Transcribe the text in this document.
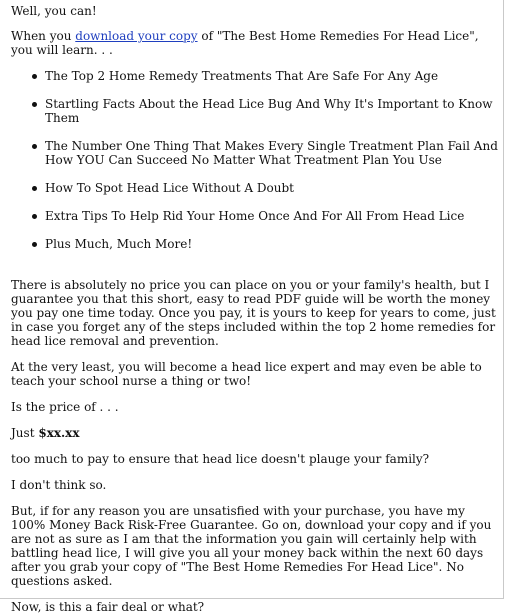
Well, you can!

When you download your copy of "The Best Home Remedies For Head Lice", you will learn. . .

The Top 2 Home Remedy Treatments That Are Safe For Any Age
Startling Facts About the Head Lice Bug And Why It's Important to Know Them
The Number One Thing That Makes Every Single Treatment Plan Fail And How YOU Can Succeed No Matter What Treatment Plan You Use
How To Spot Head Lice Without A Doubt
Extra Tips To Help Rid Your Home Once And For All From Head Lice
Plus Much, Much More!

There is absolutely no price you can place on you or your family's health, but I guarantee you that this short, easy to read PDF guide will be worth the money you pay one time today. Once you pay, it is yours to keep for years to come, just in case you forget any of the steps included within the top 2 home remedies for head lice removal and prevention.

At the very least, you will become a head lice expert and may even be able to teach your school nurse a thing or two!

Is the price of . . .

Just $xx.xx

too much to pay to ensure that head lice doesn't plauge your family?

I don't think so.

But, if for any reason you are unsatisfied with your purchase, you have my 100% Money Back Risk-Free Guarantee. Go on, download your copy and if you are not as sure as I am that the information you gain will certainly help with battling head lice, I will give you all your money back within the next 60 days after you grab your copy of "The Best Home Remedies For Head Lice". No questions asked.

Now, is this a fair deal or what?
